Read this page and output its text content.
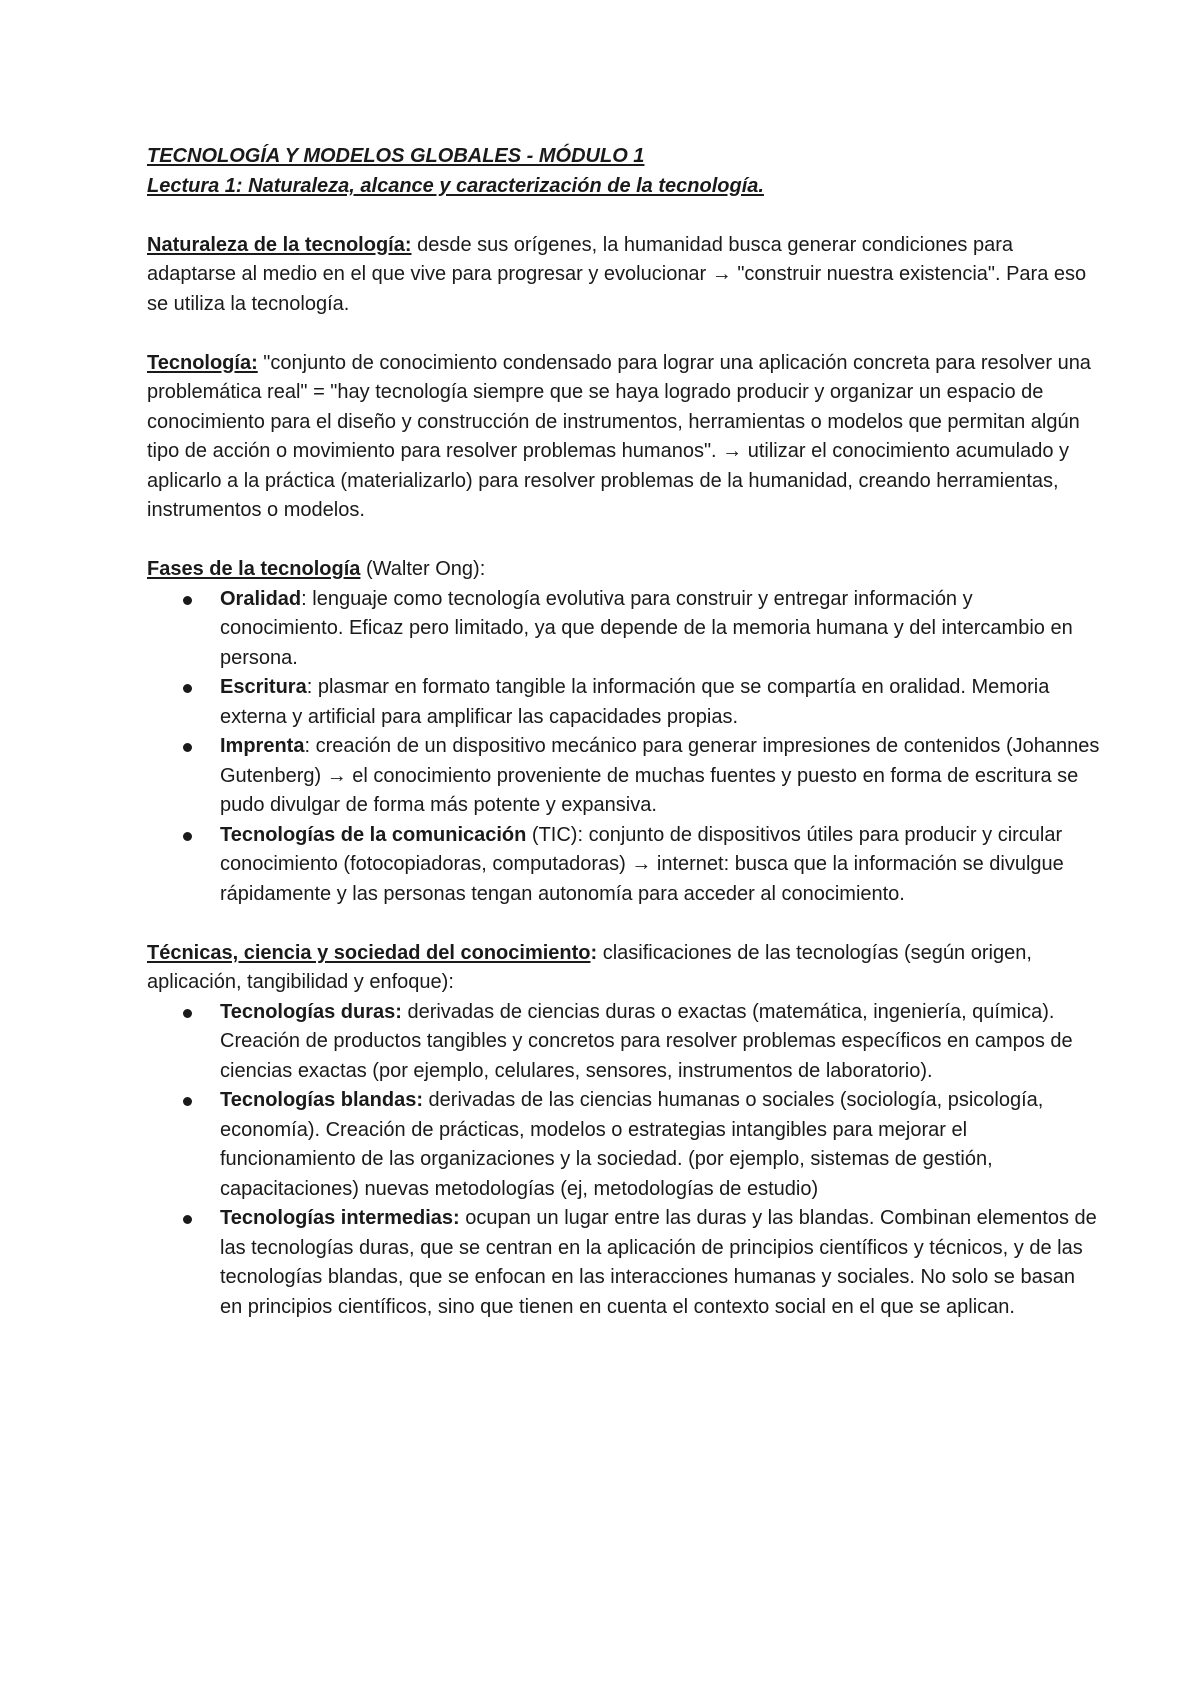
TECNOLOGÍA Y MODELOS GLOBALES - MÓDULO 1
Lectura 1: Naturaleza, alcance y caracterización de la tecnología.

Naturaleza de la tecnología: desde sus orígenes, la humanidad busca generar condiciones para adaptarse al medio en el que vive para progresar y evolucionar → "construir nuestra existencia". Para eso se utiliza la tecnología.

Tecnología: "conjunto de conocimiento condensado para lograr una aplicación concreta para resolver una problemática real" = "hay tecnología siempre que se haya logrado producir y organizar un espacio de conocimiento para el diseño y construcción de instrumentos, herramientas o modelos que permitan algún tipo de acción o movimiento para resolver problemas humanos". → utilizar el conocimiento acumulado y aplicarlo a la práctica (materializarlo) para resolver problemas de la humanidad, creando herramientas, instrumentos o modelos.

Fases de la tecnología (Walter Ong):

Oralidad: lenguaje como tecnología evolutiva para construir y entregar información y conocimiento. Eficaz pero limitado, ya que depende de la memoria humana y del intercambio en persona.
Escritura: plasmar en formato tangible la información que se compartía en oralidad. Memoria externa y artificial para amplificar las capacidades propias.
Imprenta: creación de un dispositivo mecánico para generar impresiones de contenidos (Johannes Gutenberg) → el conocimiento proveniente de muchas fuentes y puesto en forma de escritura se pudo divulgar de forma más potente y expansiva.
Tecnologías de la comunicación (TIC): conjunto de dispositivos útiles para producir y circular conocimiento (fotocopiadoras, computadoras) → internet: busca que la información se divulgue rápidamente y las personas tengan autonomía para acceder al conocimiento.

Técnicas, ciencia y sociedad del conocimiento: clasificaciones de las tecnologías (según origen, aplicación, tangibilidad y enfoque):

Tecnologías duras: derivadas de ciencias duras o exactas (matemática, ingeniería, química). Creación de productos tangibles y concretos para resolver problemas específicos en campos de ciencias exactas (por ejemplo, celulares, sensores, instrumentos de laboratorio).
Tecnologías blandas: derivadas de las ciencias humanas o sociales (sociología, psicología, economía). Creación de prácticas, modelos o estrategias intangibles para mejorar el funcionamiento de las organizaciones y la sociedad. (por ejemplo, sistemas de gestión, capacitaciones) nuevas metodologías (ej, metodologías de estudio)
Tecnologías intermedias: ocupan un lugar entre las duras y las blandas. Combinan elementos de las tecnologías duras, que se centran en la aplicación de principios científicos y técnicos, y de las tecnologías blandas, que se enfocan en las interacciones humanas y sociales. No solo se basan en principios científicos, sino que tienen en cuenta el contexto social en el que se aplican.
